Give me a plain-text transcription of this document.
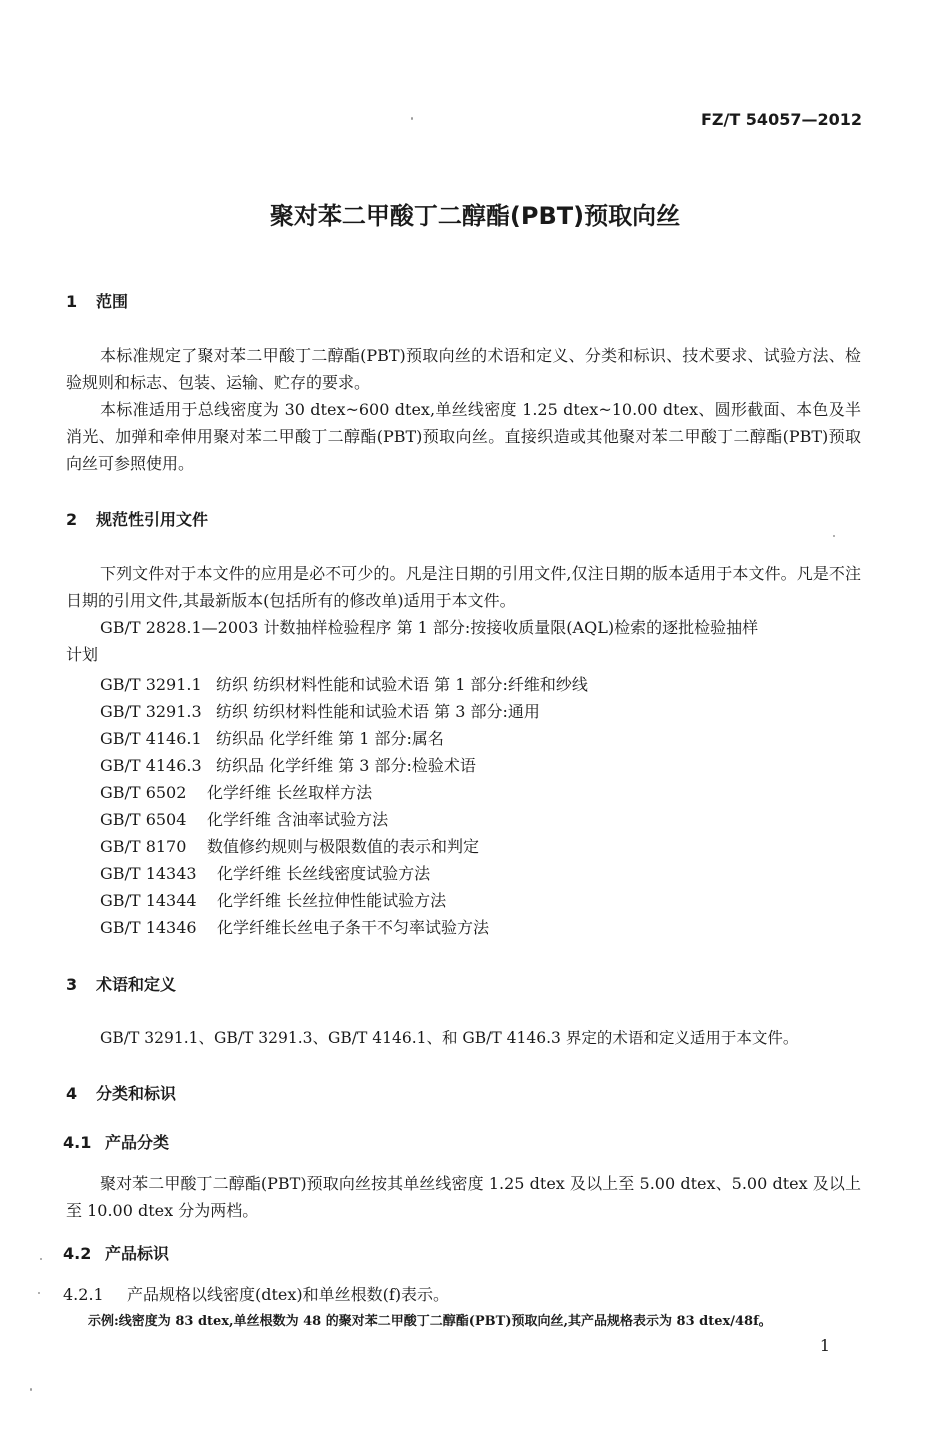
FZ/T 54057—2012
聚对苯二甲酸丁二醇酯(PBT)预取向丝
1 范围
本标准规定了聚对苯二甲酸丁二醇酯(PBT)预取向丝的术语和定义、分类和标识、技术要求、试验方法、检验规则和标志、包装、运输、贮存的要求。
本标准适用于总线密度为 30 dtex~600 dtex,单丝线密度 1.25 dtex~10.00 dtex、圆形截面、本色及半消光、加弹和牵伸用聚对苯二甲酸丁二醇酯(PBT)预取向丝。直接织造或其他聚对苯二甲酸丁二醇酯(PBT)预取向丝可参照使用。
2 规范性引用文件
下列文件对于本文件的应用是必不可少的。凡是注日期的引用文件,仅注日期的版本适用于本文件。凡是不注日期的引用文件,其最新版本(包括所有的修改单)适用于本文件。
GB/T 2828.1—2003 计数抽样检验程序 第 1 部分:按接收质量限(AQL)检索的逐批检验抽样
计划
GB/T 3291.1 纺织 纺织材料性能和试验术语 第 1 部分:纤维和纱线
GB/T 3291.3 纺织 纺织材料性能和试验术语 第 3 部分:通用
GB/T 4146.1 纺织品 化学纤维 第 1 部分:属名
GB/T 4146.3 纺织品 化学纤维 第 3 部分:检验术语
GB/T 6502 化学纤维 长丝取样方法
GB/T 6504 化学纤维 含油率试验方法
GB/T 8170 数值修约规则与极限数值的表示和判定
GB/T 14343 化学纤维 长丝线密度试验方法
GB/T 14344 化学纤维 长丝拉伸性能试验方法
GB/T 14346 化学纤维长丝电子条干不匀率试验方法
3 术语和定义
GB/T 3291.1、GB/T 3291.3、GB/T 4146.1、和 GB/T 4146.3 界定的术语和定义适用于本文件。
4 分类和标识
4.1 产品分类
聚对苯二甲酸丁二醇酯(PBT)预取向丝按其单丝线密度 1.25 dtex 及以上至 5.00 dtex、5.00 dtex 及以上至 10.00 dtex 分为两档。
4.2 产品标识
4.2.1 产品规格以线密度(dtex)和单丝根数(f)表示。
示例:线密度为 83 dtex,单丝根数为 48 的聚对苯二甲酸丁二醇酯(PBT)预取向丝,其产品规格表示为 83 dtex/48f。
1
